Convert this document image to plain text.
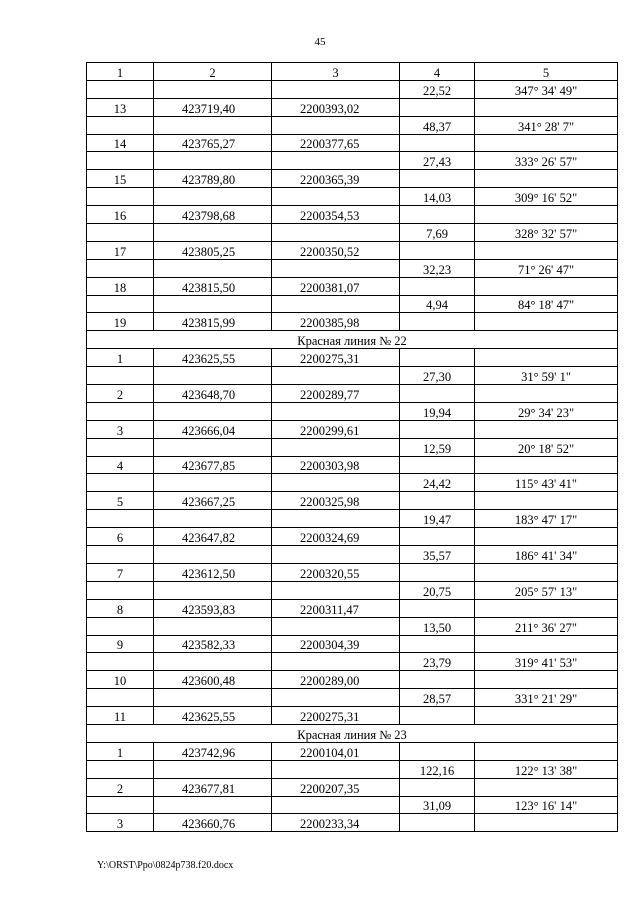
45
1	2	3	4	5
			22,52	347° 34' 49"
13	423719,40	2200393,02		
			48,37	341° 28' 7"
14	423765,27	2200377,65		
			27,43	333° 26' 57"
15	423789,80	2200365,39		
			14,03	309° 16' 52"
16	423798,68	2200354,53		
			7,69	328° 32' 57"
17	423805,25	2200350,52		
			32,23	71° 26' 47"
18	423815,50	2200381,07		
			4,94	84° 18' 47"
19	423815,99	2200385,98		
Красная линия № 22				
1	423625,55	2200275,31		
			27,30	31° 59' 1"
2	423648,70	2200289,77		
			19,94	29° 34' 23"
3	423666,04	2200299,61		
			12,59	20° 18' 52"
4	423677,85	2200303,98		
			24,42	115° 43' 41"
5	423667,25	2200325,98		
			19,47	183° 47' 17"
6	423647,82	2200324,69		
			35,57	186° 41' 34"
7	423612,50	2200320,55		
			20,75	205° 57' 13"
8	423593,83	2200311,47		
			13,50	211° 36' 27"
9	423582,33	2200304,39		
			23,79	319° 41' 53"
10	423600,48	2200289,00		
			28,57	331° 21' 29"
11	423625,55	2200275,31		
Красная линия № 23				
1	423742,96	2200104,01		
			122,16	122° 13' 38"
2	423677,81	2200207,35		
			31,09	123° 16' 14"
3	423660,76	2200233,34		
Y:\ORST\Ppo\0824p738.f20.docx
